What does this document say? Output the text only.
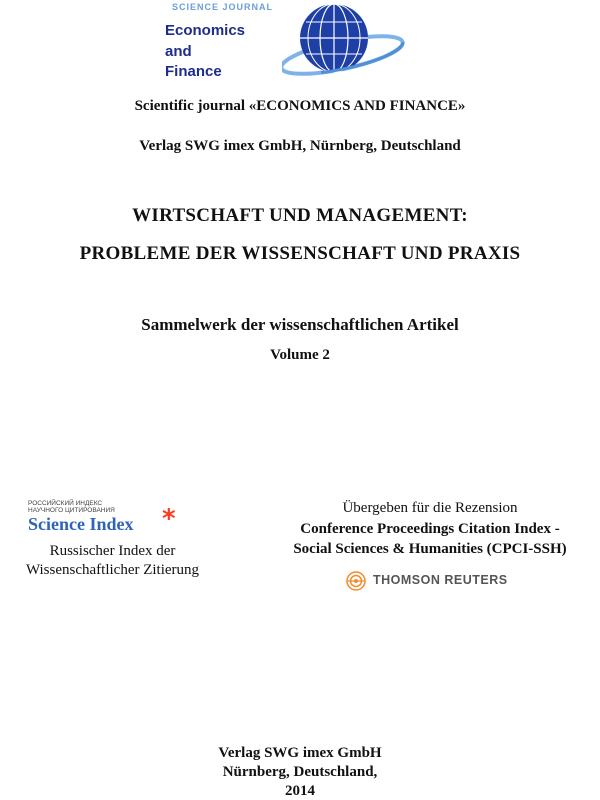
SCIENCE JOURNAL
Economics
and
Finance
Scientific journal «ECONOMICS AND FINANCE»
Verlag SWG imex GmbH, Nürnberg, Deutschland
WIRTSCHAFT UND MANAGEMENT:
PROBLEME DER WISSENSCHAFT UND PRAXIS
Sammelwerk der wissenschaftlichen Artikel
Volume 2
РОССИЙСКИЙ ИНДЕКС
НАУЧНОГО ЦИТИРОВАНИЯ
Science Index *
Russischer Index der
Wissenschaftlicher Zitierung
Übergeben für die Rezension
Conference Proceedings Citation Index -
Social Sciences & Humanities (CPCI-SSH)
THOMSON REUTERS
Verlag SWG imex GmbH
Nürnberg, Deutschland,
2014
